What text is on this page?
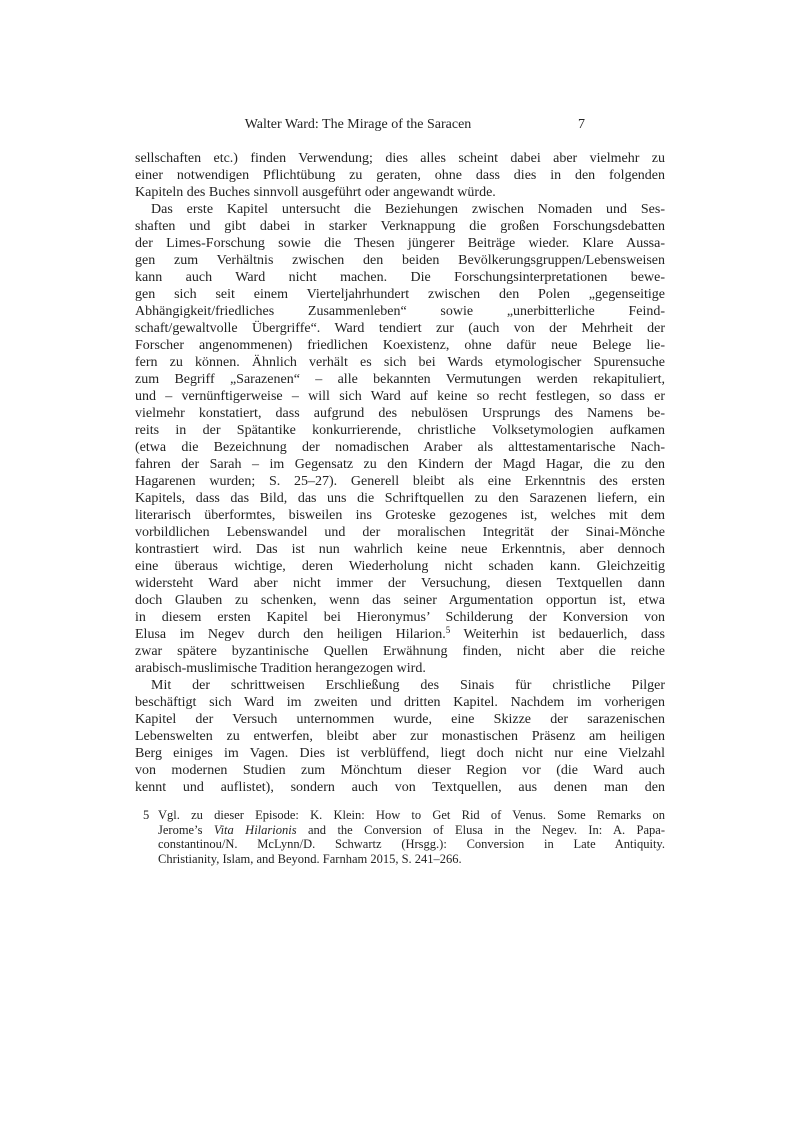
Walter Ward: The Mirage of the Saracen	7
sellschaften etc.) finden Verwendung; dies alles scheint dabei aber vielmehr zu
einer notwendigen Pflichtübung zu geraten, ohne dass dies in den folgenden
Kapiteln des Buches sinnvoll ausgeführt oder angewandt würde.
Das erste Kapitel untersucht die Beziehungen zwischen Nomaden und Ses-
shaften und gibt dabei in starker Verknappung die großen Forschungsdebatten
der Limes-Forschung sowie die Thesen jüngerer Beiträge wieder. Klare Aussa-
gen zum Verhältnis zwischen den beiden Bevölkerungsgruppen/Lebensweisen
kann auch Ward nicht machen. Die Forschungsinterpretationen bewe-
gen sich seit einem Vierteljahrhundert zwischen den Polen „gegenseitige
Abhängigkeit/friedliches Zusammenleben“ sowie „unerbitterliche Feind-
schaft/gewaltvolle Übergriffe“. Ward tendiert zur (auch von der Mehrheit der
Forscher angenommenen) friedlichen Koexistenz, ohne dafür neue Belege lie-
fern zu können. Ähnlich verhält es sich bei Wards etymologischer Spurensuche
zum Begriff „Sarazenen“ – alle bekannten Vermutungen werden rekapituliert,
und – vernünftigerweise – will sich Ward auf keine so recht festlegen, so dass er
vielmehr konstatiert, dass aufgrund des nebulösen Ursprungs des Namens be-
reits in der Spätantike konkurrierende, christliche Volksetymologien aufkamen
(etwa die Bezeichnung der nomadischen Araber als alttestamentarische Nach-
fahren der Sarah – im Gegensatz zu den Kindern der Magd Hagar, die zu den
Hagarenen wurden; S. 25–27). Generell bleibt als eine Erkenntnis des ersten
Kapitels, dass das Bild, das uns die Schriftquellen zu den Sarazenen liefern, ein
literarisch überformtes, bisweilen ins Groteske gezogenes ist, welches mit dem
vorbildlichen Lebenswandel und der moralischen Integrität der Sinai-Mönche
kontrastiert wird. Das ist nun wahrlich keine neue Erkenntnis, aber dennoch
eine überaus wichtige, deren Wiederholung nicht schaden kann. Gleichzeitig
widersteht Ward aber nicht immer der Versuchung, diesen Textquellen dann
doch Glauben zu schenken, wenn das seiner Argumentation opportun ist, etwa
in diesem ersten Kapitel bei Hieronymus’ Schilderung der Konversion von
Elusa im Negev durch den heiligen Hilarion.$^5$ Weiterhin ist bedauerlich, dass
zwar spätere byzantinische Quellen Erwähnung finden, nicht aber die reiche
arabisch-muslimische Tradition herangezogen wird.
Mit der schrittweisen Erschließung des Sinais für christliche Pilger
beschäftigt sich Ward im zweiten und dritten Kapitel. Nachdem im vorherigen
Kapitel der Versuch unternommen wurde, eine Skizze der sarazenischen
Lebenswelten zu entwerfen, bleibt aber zur monastischen Präsenz am heiligen
Berg einiges im Vagen. Dies ist verblüffend, liegt doch nicht nur eine Vielzahl
von modernen Studien zum Mönchtum dieser Region vor (die Ward auch
kennt und auflistet), sondern auch von Textquellen, aus denen man den
5 Vgl. zu dieser Episode: K. Klein: How to Get Rid of Venus. Some Remarks on
Jerome’s Vita Hilarionis and the Conversion of Elusa in the Negev. In: A. Papa-
constantinou/N. McLynn/D. Schwartz (Hrsgg.): Conversion in Late Antiquity.
Christianity, Islam, and Beyond. Farnham 2015, S. 241–266.
